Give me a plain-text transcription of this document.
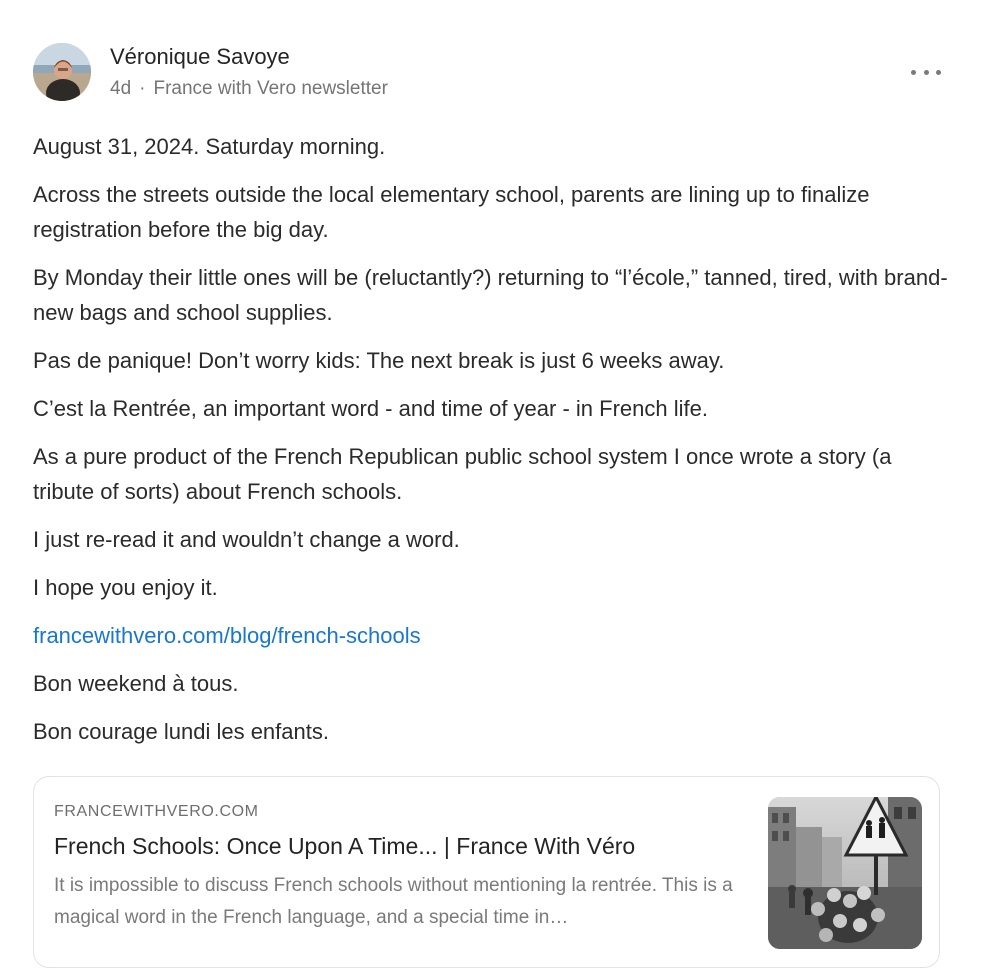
Véronique Savoye
4d · France with Vero newsletter

August 31, 2024. Saturday morning.

Across the streets outside the local elementary school, parents are lining up to finalize registration before the big day.

By Monday their little ones will be (reluctantly?) returning to “l’école,” tanned, tired, with brand-new bags and school supplies.

Pas de panique! Don’t worry kids: The next break is just 6 weeks away.

C’est la Rentrée, an important word - and time of year - in French life.

As a pure product of the French Republican public school system I once wrote a story (a tribute of sorts) about French schools.

I just re-read it and wouldn’t change a word.

I hope you enjoy it.

francewithvero.com/blog/french-schools

Bon weekend à tous.

Bon courage lundi les enfants.

FRANCEWITHVERO.COM
French Schools: Once Upon A Time... | France With Véro
It is impossible to discuss French schools without mentioning la rentrée. This is a magical word in the French language, and a special time in…
